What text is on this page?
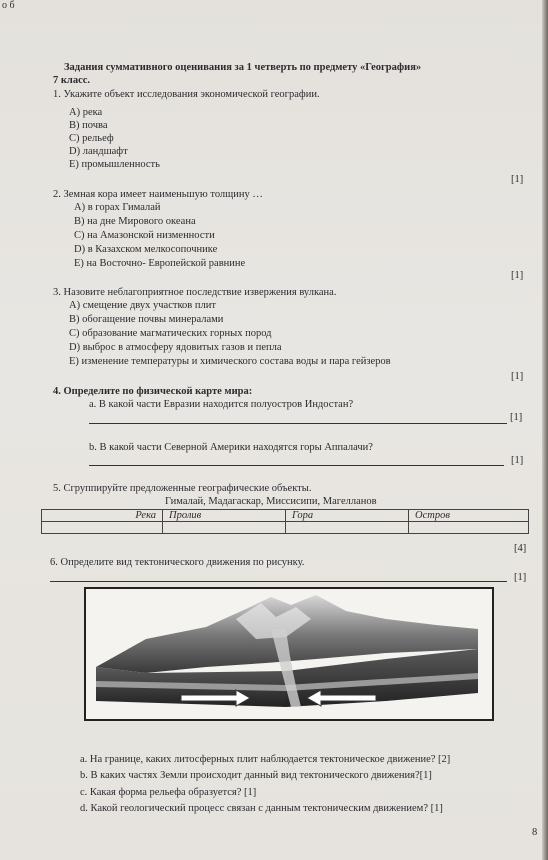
о б
Задания суммативного оценивания за 1 четверть по предмету «География»
7 класс.
1. Укажите объект исследования экономической географии.
A) река
B) почва
C) рельеф
D) ландшафт
E) промышленность
[1]
2. Земная кора имеет наименьшую толщину …
A) в горах Гималай
B) на дне Мирового океана
C) на Амазонской низменности
D) в Казахском мелкосопочнике
E) на Восточно- Европейской равнине
[1]
3. Назовите неблагоприятное последствие извержения вулкана.
A) смещение двух участков плит
B) обогащение почвы минералами
C) образование магматических горных пород
D) выброс в атмосферу ядовитых газов и пепла
E) изменение температуры и химического состава воды и пара гейзеров
[1]
4. Определите по физической карте мира:
a. В какой части Евразии находится полуостров Индостан?
[1]
b. В какой части Северной Америки находятся горы Аппалачи?
[1]
5. Сгруппируйте предложенные географические объекты.
Гималай, Мадагаскар, Миссисипи, Магелланов
Река	Пролив	Гора	Остров

[4]
6. Определите вид тектонического движения по рисунку.
[1]
a. На границе, каких литосферных плит наблюдается тектоническое движение? [2]
b. В каких частях Земли происходит данный вид тектонического движения?[1]
c. Какая форма рельефа образуется? [1]
d. Какой геологический процесс связан с данным тектоническим движением? [1]
8
